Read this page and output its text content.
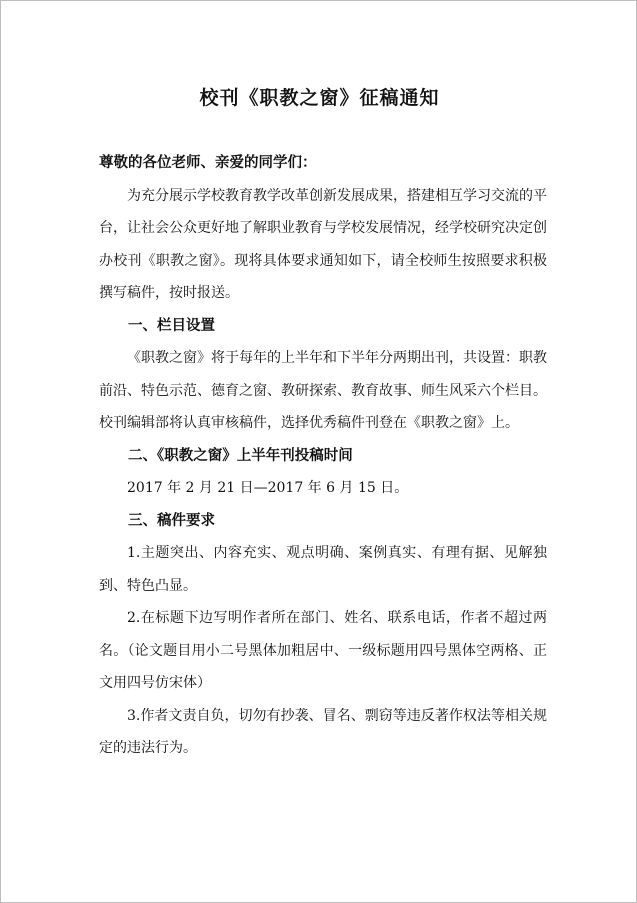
校刊《职教之窗》征稿通知

尊敬的各位老师、亲爱的同学们：

为充分展示学校教育教学改革创新发展成果，搭建相互学习交流的平台，让社会公众更好地了解职业教育与学校发展情况，经学校研究决定创办校刊《职教之窗》。现将具体要求通知如下，请全校师生按照要求积极撰写稿件，按时报送。

一、栏目设置

《职教之窗》将于每年的上半年和下半年分两期出刊，共设置：职教前沿、特色示范、德育之窗、教研探索、教育故事、师生风采六个栏目。校刊编辑部将认真审核稿件，选择优秀稿件刊登在《职教之窗》上。

二、《职教之窗》上半年刊投稿时间

2017 年 2 月 21 日—2017 年 6 月 15 日。

三、稿件要求

1.主题突出、内容充实、观点明确、案例真实、有理有据、见解独到、特色凸显。

2.在标题下边写明作者所在部门、姓名、联系电话，作者不超过两名。（论文题目用小二号黑体加粗居中、一级标题用四号黑体空两格、正文用四号仿宋体）

3.作者文责自负，切勿有抄袭、冒名、剽窃等违反著作权法等相关规定的违法行为。
